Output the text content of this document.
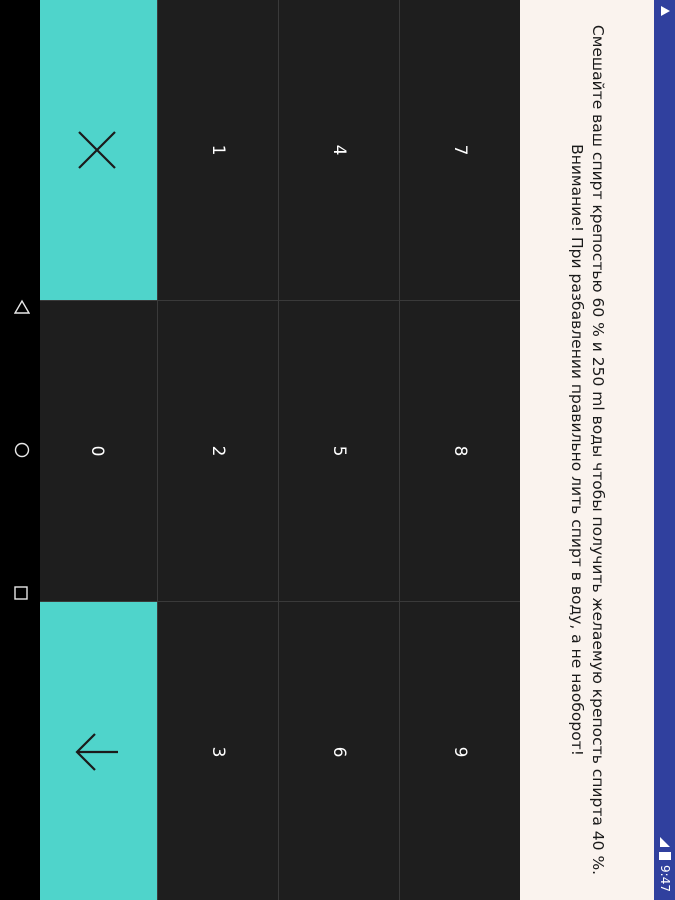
9:47
Смешайте ваш спирт крепостью 60 % и 250 ml воды чтобы получить желаемую крепость спирта 40 %.
Внимание! При разбавлении правильно лить спирт в воду, а не наоборот!
7
8
9
4
5
6
1
2
3
0
